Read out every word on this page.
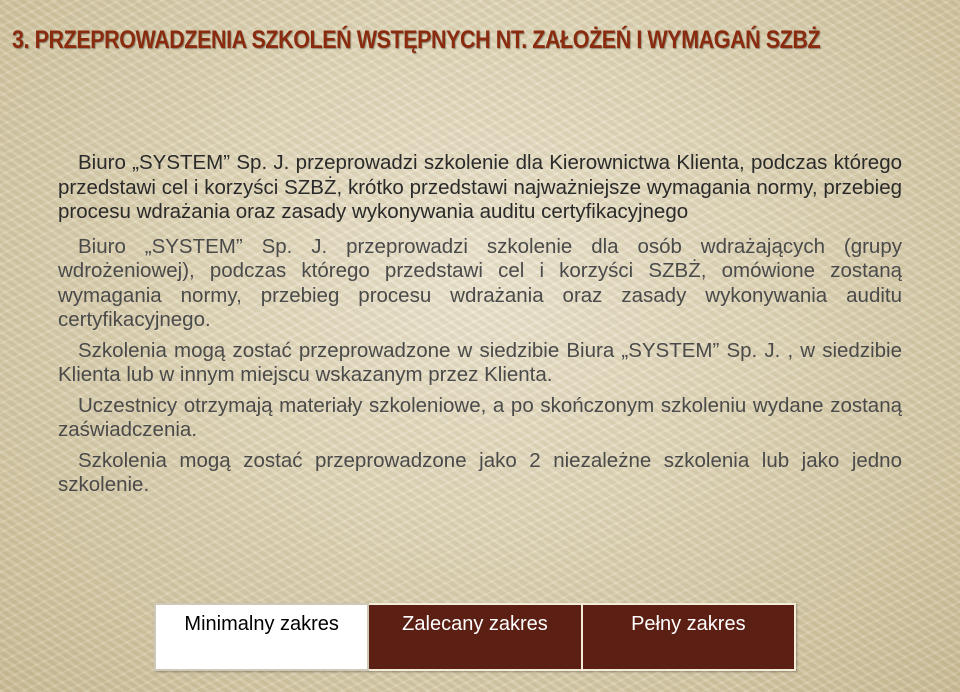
3. PRZEPROWADZENIA SZKOLEŃ WSTĘPNYCH NT. ZAŁOŻEŃ I WYMAGAŃ SZBŻ

Biuro „SYSTEM” Sp. J. przeprowadzi szkolenie dla Kierownictwa Klienta, podczas którego przedstawi cel i korzyści SZBŻ, krótko przedstawi najważniejsze wymagania normy, przebieg procesu wdrażania oraz zasady wykonywania auditu certyfikacyjnego

Biuro „SYSTEM” Sp. J. przeprowadzi szkolenie dla osób wdrażających (grupy wdrożeniowej), podczas którego przedstawi cel i korzyści SZBŻ, omówione zostaną wymagania normy, przebieg procesu wdrażania oraz zasady wykonywania auditu certyfikacyjnego.

Szkolenia mogą zostać przeprowadzone w siedzibie Biura „SYSTEM” Sp. J. , w siedzibie Klienta lub w innym miejscu wskazanym przez Klienta.

Uczestnicy otrzymają materiały szkoleniowe, a po skończonym szkoleniu wydane zostaną zaświadczenia.

Szkolenia mogą zostać przeprowadzone jako 2 niezależne szkolenia lub jako jedno szkolenie.

Minimalny zakres	Zalecany zakres	Pełny zakres
